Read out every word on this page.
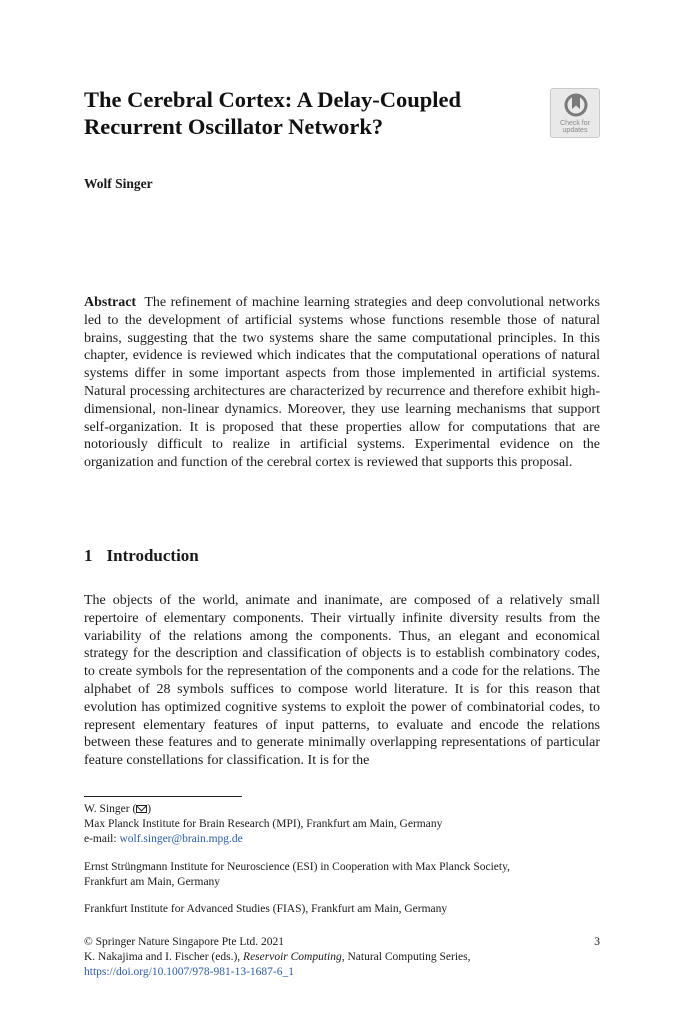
The Cerebral Cortex: A Delay-Coupled Recurrent Oscillator Network?	Check for
updates
Wolf Singer

Abstract The refinement of machine learning strategies and deep convolutional networks led to the development of artificial systems whose functions resemble those of natural brains, suggesting that the two systems share the same computational principles. In this chapter, evidence is reviewed which indicates that the computational operations of natural systems differ in some important aspects from those implemented in artificial systems. Natural processing architectures are characterized by recurrence and therefore exhibit high-dimensional, non-linear dynamics. Moreover, they use learning mechanisms that support self-organization. It is proposed that these properties allow for computations that are notoriously difficult to realize in artificial systems. Experimental evidence on the organization and function of the cerebral cortex is reviewed that supports this proposal.

1 Introduction

The objects of the world, animate and inanimate, are composed of a relatively small repertoire of elementary components. Their virtually infinite diversity results from the variability of the relations among the components. Thus, an elegant and economical strategy for the description and classification of objects is to establish combinatory codes, to create symbols for the representation of the components and a code for the relations. The alphabet of 28 symbols suffices to compose world literature. It is for this reason that evolution has optimized cognitive systems to exploit the power of combinatorial codes, to represent elementary features of input patterns, to evaluate and encode the relations between these features and to generate minimally overlapping representations of particular feature constellations for classification. It is for the

W. Singer ( )
Max Planck Institute for Brain Research (MPI), Frankfurt am Main, Germany
e-mail: wolf.singer@brain.mpg.de
Ernst Strüngmann Institute for Neuroscience (ESI) in Cooperation with Max Planck Society,
Frankfurt am Main, Germany
Frankfurt Institute for Advanced Studies (FIAS), Frankfurt am Main, Germany
© Springer Nature Singapore Pte Ltd. 2021
K. Nakajima and I. Fischer (eds.), Reservoir Computing, Natural Computing Series,
https://doi.org/10.1007/978-981-13-1687-6_1
3
